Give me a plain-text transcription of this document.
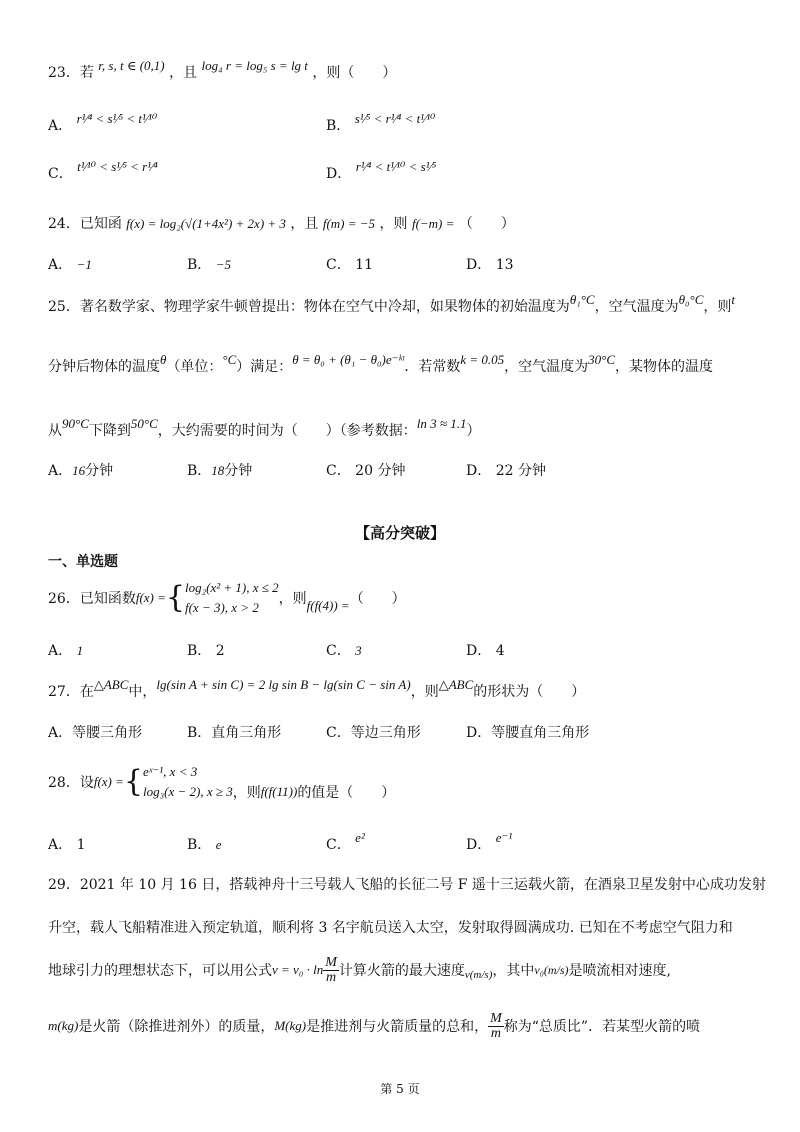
23．若 r, s, t ∈ (0,1) ，且 log₄ r = log₅ s = lg t ，则（　　）
A． r¹⁄⁴ < s¹⁄⁵ < t¹⁄¹⁰	B． s¹⁄⁵ < r¹⁄⁴ < t¹⁄¹⁰
C． t¹⁄¹⁰ < s¹⁄⁵ < r¹⁄⁴	D． r¹⁄⁴ < t¹⁄¹⁰ < s¹⁄⁵
24．已知函 f(x) = log₂(√(1+4x²) + 2x) + 3 ，且 f(m) = −5 ，则 f(−m) = （　　）
A． −1	B． −5	C． 11	D． 13
25．著名数学家、物理学家牛顿曾提出：物体在空气中冷却，如果物体的初始温度为θ₁°C，空气温度为θ₀°C，则t
分钟后物体的温度θ（单位：°C）满足：θ = θ₀ + (θ₁ − θ₀)e⁻ᵏᵗ．若常数k = 0.05，空气温度为30°C，某物体的温度
从90°C下降到50°C，大约需要的时间为（　　）（参考数据：ln 3 ≈ 1.1）
A．16分钟	B．18分钟	C． 20 分钟	D． 22 分钟
【高分突破】
一、单选题
26．已知函数 f(x) = { log₂(x² + 1), x ≤ 2
f(x − 3), x > 2
，则 f(f(4)) = （　　）
A． 1	B． 2	C． 3	D． 4
27．在△ABC中，lg(sin A + sin C) = 2 lg sin B − lg(sin C − sin A)，则△ABC的形状为（　　）
A．等腰三角形	B．直角三角形	C．等边三角形	D．等腰直角三角形
28．设 f(x) = { eˣ⁻¹, x < 3
log₃(x − 2), x ≥ 3 ，则 f(f(11)) 的值是（　　）
A． 1	B． e	C． e²	D． e⁻¹
29．2021 年 10 月 16 日，搭载神舟十三号载人飞船的长征二号 F 遥十三运载火箭，在酒泉卫星发射中心成功发射
升空，载人飞船精准进入预定轨道，顺利将 3 名宇航员送入太空，发射取得圆满成功. 已知在不考虑空气阻力和
地球引力的理想状态下，可以用公式 $v = v_0 \cdot \ln \frac{M}{m}$ 计算火箭的最大速度 v(m/s) ，其中 v₀(m/s) 是喷流相对速度,
m(kg) 是火箭（除推进剂外）的质量， M(kg) 是推进剂与火箭质量的总和， $\frac{M}{m}$ 称为“总质比”．若某型火箭的喷
第 5 页
